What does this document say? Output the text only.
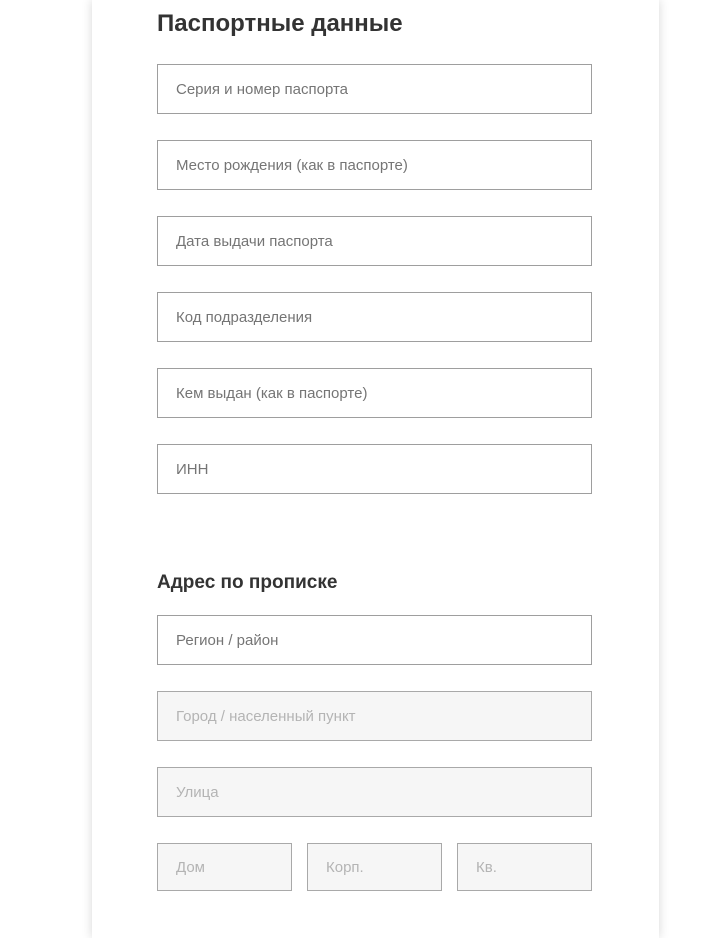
Паспортные данные
Серия и номер паспорта
Место рождения (как в паспорте)
Дата выдачи паспорта
Код подразделения
Кем выдан (как в паспорте)
ИНН
Адрес по прописке
Регион / район
Город / населенный пункт
Улица
Дом
Корп.
Кв.
